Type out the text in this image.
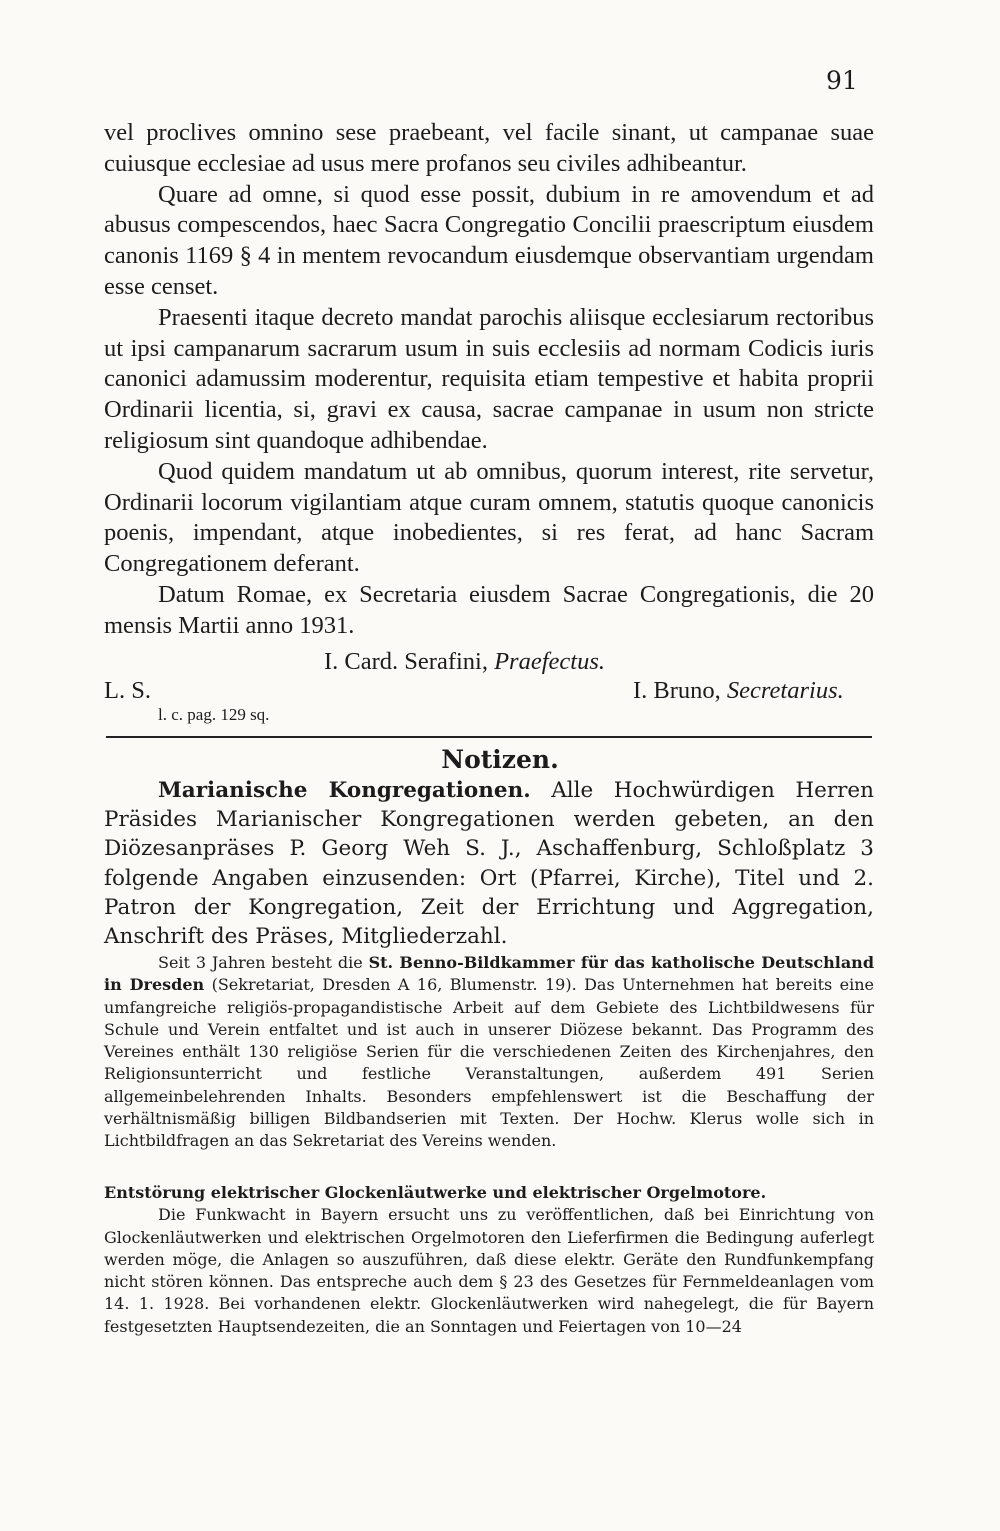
91

vel proclives omnino sese praebeant, vel facile sinant, ut campanae suae cuiusque ecclesiae ad usus mere profanos seu civiles adhibeantur.

Quare ad omne, si quod esse possit, dubium in re amovendum et ad abusus compescendos, haec Sacra Congregatio Concilii praescriptum eiusdem canonis 1169 § 4 in mentem revocandum eiusdemque observantiam urgendam esse censet.

Praesenti itaque decreto mandat parochis aliisque ecclesiarum rectoribus ut ipsi campanarum sacrarum usum in suis ecclesiis ad normam Codicis iuris canonici adamussim moderentur, requisita etiam tempestive et habita proprii Ordinarii licentia, si, gravi ex causa, sacrae campanae in usum non stricte religiosum sint quandoque adhibendae.

Quod quidem mandatum ut ab omnibus, quorum interest, rite servetur, Ordinarii locorum vigilantiam atque curam omnem, statutis quoque canonicis poenis, impendant, atque inobedientes, si res ferat, ad hanc Sacram Congregationem deferant.

Datum Romae, ex Secretaria eiusdem Sacrae Congregationis, die 20 mensis Martii anno 1931.

I. Card. Serafini, Praefectus.
L. S.	I. Bruno, Secretarius.
l. c. pag. 129 sq.
Notizen.

Marianische Kongregationen. Alle Hochwürdigen Herren Präsides Marianischer Kongregationen werden gebeten, an den Diözesanpräses P. Georg Weh S. J., Aschaffenburg, Schloßplatz 3 folgende Angaben einzusenden: Ort (Pfarrei, Kirche), Titel und 2. Patron der Kongregation, Zeit der Errichtung und Aggregation, Anschrift des Präses, Mitgliederzahl.

Seit 3 Jahren besteht die St. Benno-Bildkammer für das katholische Deutschland in Dresden (Sekretariat, Dresden A 16, Blumenstr. 19). Das Unternehmen hat bereits eine umfangreiche religiös-propagandistische Arbeit auf dem Gebiete des Lichtbildwesens für Schule und Verein entfaltet und ist auch in unserer Diözese bekannt. Das Programm des Vereines enthält 130 religiöse Serien für die verschiedenen Zeiten des Kirchenjahres, den Religionsunterricht und festliche Veranstaltungen, außerdem 491 Serien allgemeinbelehrenden Inhalts. Besonders empfehlenswert ist die Beschaffung der verhältnismäßig billigen Bildbandserien mit Texten. Der Hochw. Klerus wolle sich in Lichtbildfragen an das Sekretariat des Vereins wenden.

Entstörung elektrischer Glockenläutwerke und elektrischer Orgelmotore.

Die Funkwacht in Bayern ersucht uns zu veröffentlichen, daß bei Einrichtung von Glockenläutwerken und elektrischen Orgelmotoren den Lieferfirmen die Bedingung auferlegt werden möge, die Anlagen so auszuführen, daß diese elektr. Geräte den Rundfunkempfang nicht stören können. Das entspreche auch dem § 23 des Gesetzes für Fernmeldeanlagen vom 14. 1. 1928. Bei vorhandenen elektr. Glockenläutwerken wird nahegelegt, die für Bayern festgesetzten Hauptsendezeiten, die an Sonntagen und Feiertagen von 10—24
